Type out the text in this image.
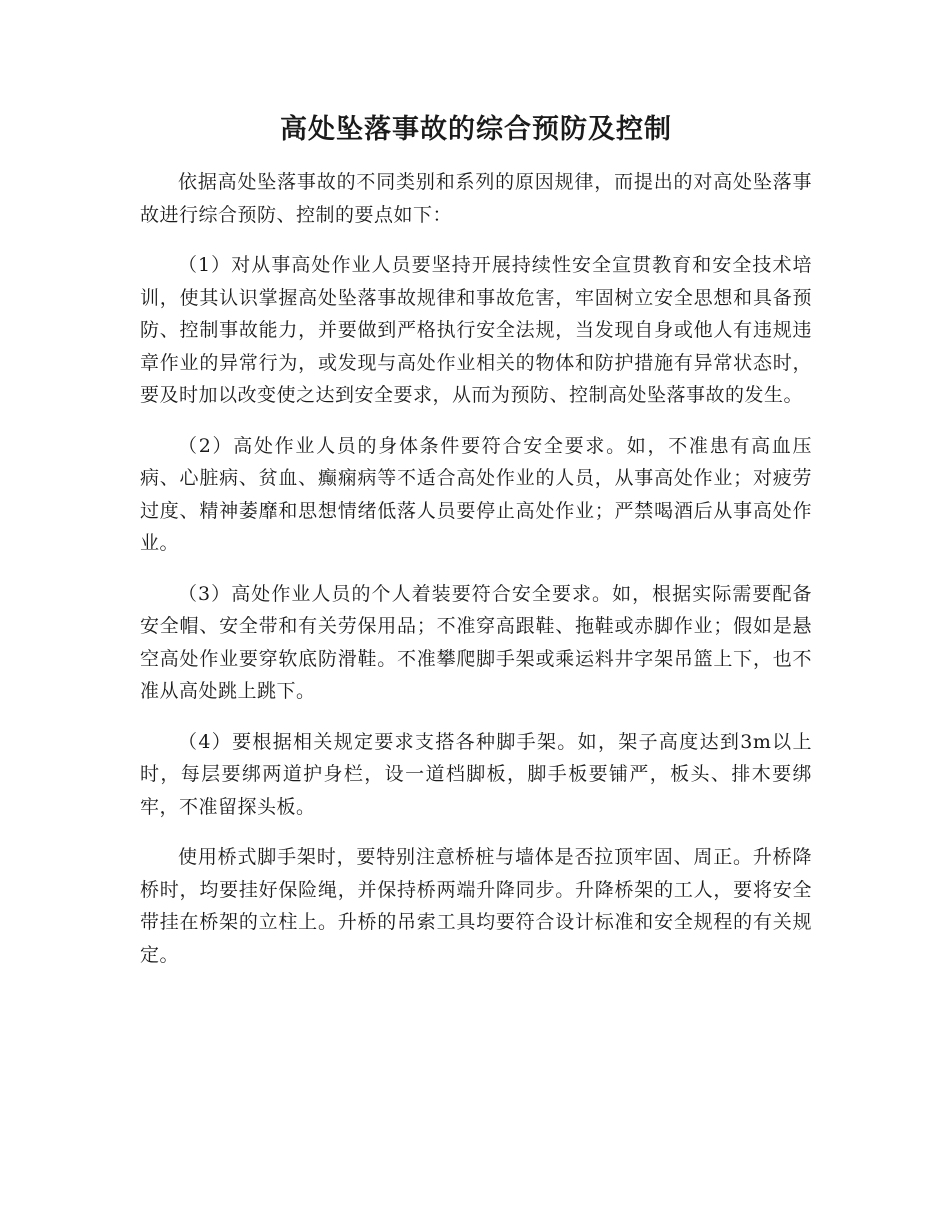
高处坠落事故的综合预防及控制

依据高处坠落事故的不同类别和系列的原因规律，而提出的对高处坠落事故进行综合预防、控制的要点如下：

（1）对从事高处作业人员要坚持开展持续性安全宣贯教育和安全技术培训，使其认识掌握高处坠落事故规律和事故危害，牢固树立安全思想和具备预防、控制事故能力，并要做到严格执行安全法规，当发现自身或他人有违规违章作业的异常行为，或发现与高处作业相关的物体和防护措施有异常状态时，要及时加以改变使之达到安全要求，从而为预防、控制高处坠落事故的发生。

（2）高处作业人员的身体条件要符合安全要求。如，不准患有高血压病、心脏病、贫血、癫痫病等不适合高处作业的人员，从事高处作业；对疲劳过度、精神萎靡和思想情绪低落人员要停止高处作业；严禁喝酒后从事高处作业。

（3）高处作业人员的个人着装要符合安全要求。如，根据实际需要配备安全帽、安全带和有关劳保用品；不准穿高跟鞋、拖鞋或赤脚作业；假如是悬空高处作业要穿软底防滑鞋。不准攀爬脚手架或乘运料井字架吊篮上下，也不准从高处跳上跳下。

（4）要根据相关规定要求支搭各种脚手架。如，架子高度达到3m以上时，每层要绑两道护身栏，设一道档脚板，脚手板要铺严，板头、排木要绑牢，不准留探头板。

使用桥式脚手架时，要特别注意桥桩与墙体是否拉顶牢固、周正。升桥降桥时，均要挂好保险绳，并保持桥两端升降同步。升降桥架的工人，要将安全带挂在桥架的立柱上。升桥的吊索工具均要符合设计标准和安全规程的有关规定。
